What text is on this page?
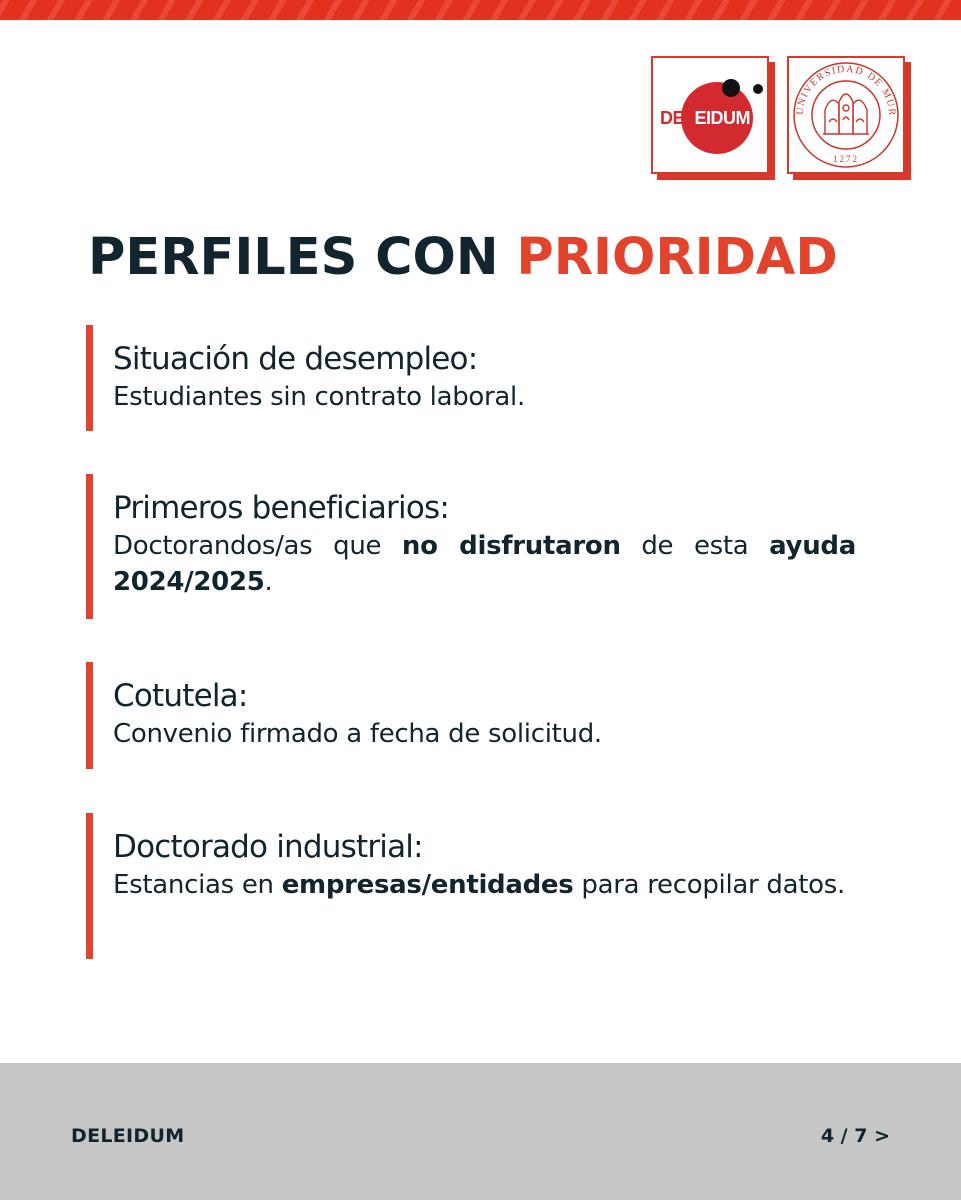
DELEIDUM	UNIVERSIDAD DE MUR
1272
PERFILES CON PRIORIDAD
Situación de desempleo:

Estudiantes sin contrato laboral.

Primeros beneficiarios:

Doctorandos/as que no disfrutaron de esta ayuda 2024/2025.

Cotutela:

Convenio firmado a fecha de solicitud.

Doctorado industrial:

Estancias en empresas/entidades para recopilar datos.

DELEIDUM	4 / 7 >
